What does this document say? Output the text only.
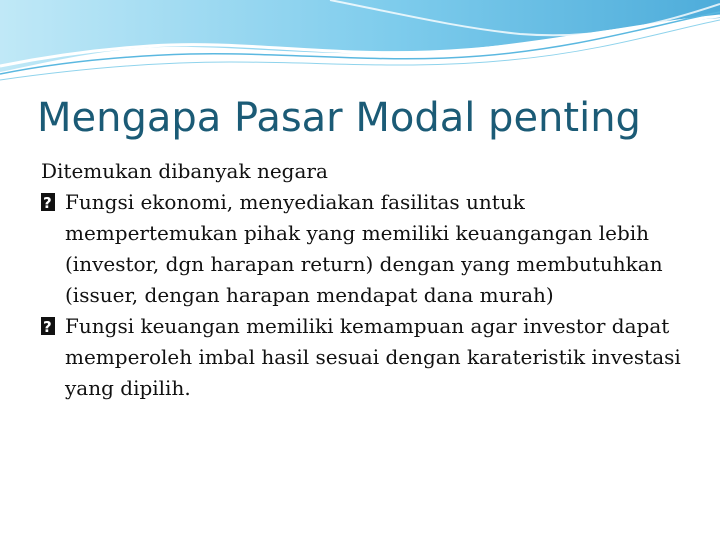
Mengapa Pasar Modal penting

Ditemukan dibanyak negara

?Fungsi ekonomi, menyediakan fasilitas untuk mempertemukan pihak yang memiliki keuangangan lebih (investor, dgn harapan return) dengan yang membutuhkan (issuer, dengan harapan mendapat dana murah)

?Fungsi keuangan memiliki kemampuan agar investor dapat memperoleh imbal hasil sesuai dengan karateristik investasi yang dipilih.
